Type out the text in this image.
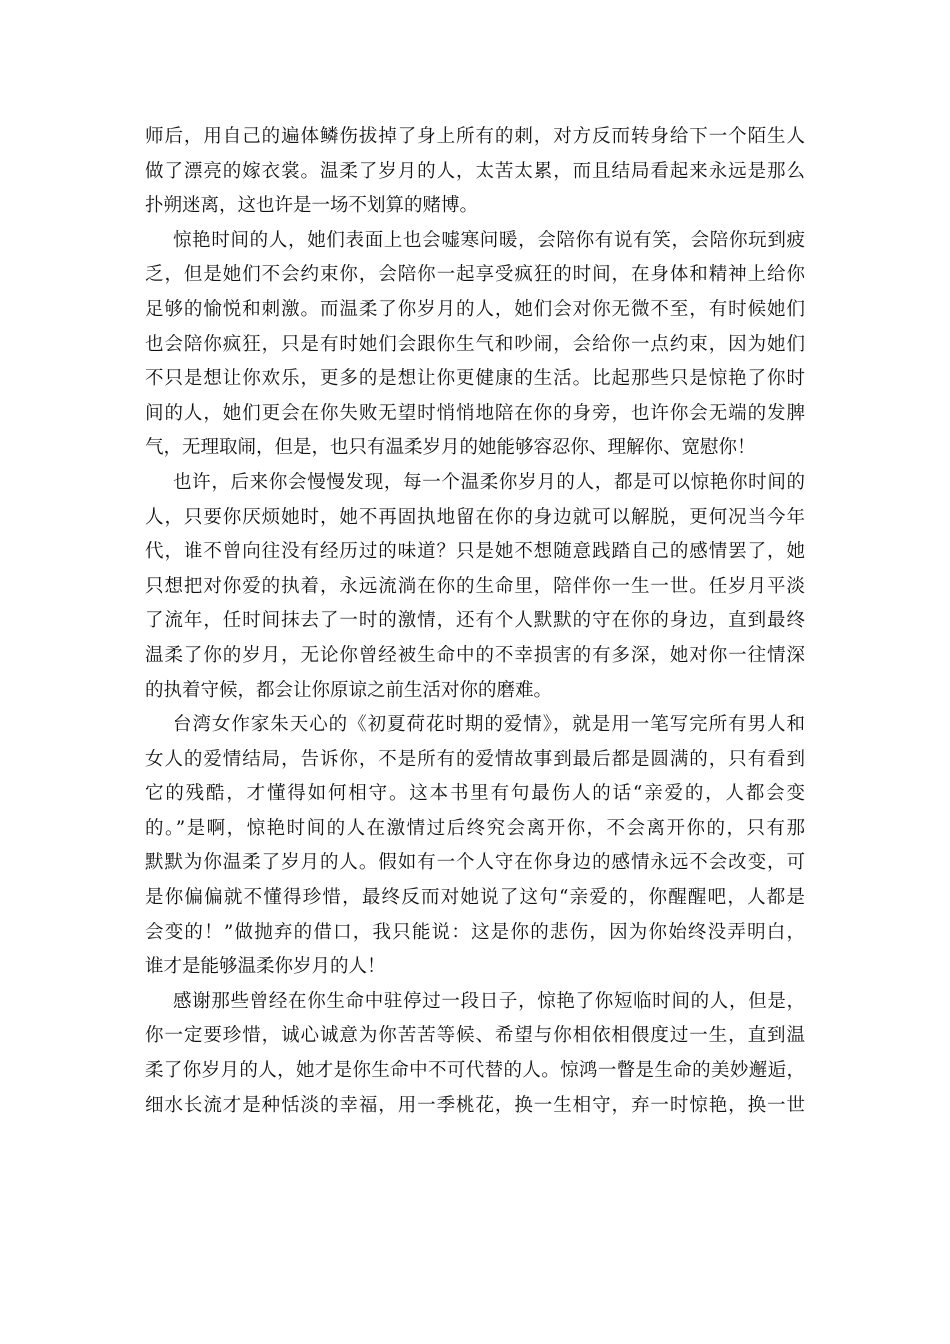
师后，用自己的遍体鳞伤拔掉了身上所有的刺，对方反而转身给下一个陌生人
做了漂亮的嫁衣裳。温柔了岁月的人，太苦太累，而且结局看起来永远是那么
扑朔迷离，这也许是一场不划算的赌博。
惊艳时间的人，她们表面上也会嘘寒问暖，会陪你有说有笑，会陪你玩到疲
乏，但是她们不会约束你，会陪你一起享受疯狂的时间，在身体和精神上给你
足够的愉悦和刺激。而温柔了你岁月的人，她们会对你无微不至，有时候她们
也会陪你疯狂，只是有时她们会跟你生气和吵闹，会给你一点约束，因为她们
不只是想让你欢乐，更多的是想让你更健康的生活。比起那些只是惊艳了你时
间的人，她们更会在你失败无望时悄悄地陪在你的身旁，也许你会无端的发脾
气，无理取闹，但是，也只有温柔岁月的她能够容忍你、理解你、宽慰你！
也许，后来你会慢慢发现，每一个温柔你岁月的人，都是可以惊艳你时间的
人，只要你厌烦她时，她不再固执地留在你的身边就可以解脱，更何况当今年
代，谁不曾向往没有经历过的味道？只是她不想随意践踏自己的感情罢了，她
只想把对你爱的执着，永远流淌在你的生命里，陪伴你一生一世。任岁月平淡
了流年，任时间抹去了一时的激情，还有个人默默的守在你的身边，直到最终
温柔了你的岁月，无论你曾经被生命中的不幸损害的有多深，她对你一往情深
的执着守候，都会让你原谅之前生活对你的磨难。
台湾女作家朱天心的《初夏荷花时期的爱情》，就是用一笔写完所有男人和
女人的爱情结局，告诉你，不是所有的爱情故事到最后都是圆满的，只有看到
它的残酷，才懂得如何相守。这本书里有句最伤人的话“亲爱的，人都会变
的。”是啊，惊艳时间的人在激情过后终究会离开你，不会离开你的，只有那
默默为你温柔了岁月的人。假如有一个人守在你身边的感情永远不会改变，可
是你偏偏就不懂得珍惜，最终反而对她说了这句“亲爱的，你醒醒吧，人都是
会变的！”做抛弃的借口，我只能说：这是你的悲伤，因为你始终没弄明白，
谁才是能够温柔你岁月的人！
感谢那些曾经在你生命中驻停过一段日子，惊艳了你短临时间的人，但是，
你一定要珍惜，诚心诚意为你苦苦等候、希望与你相依相偎度过一生，直到温
柔了你岁月的人，她才是你生命中不可代替的人。惊鸿一瞥是生命的美妙邂逅，
细水长流才是种恬淡的幸福，用一季桃花，换一生相守，弃一时惊艳，换一世
